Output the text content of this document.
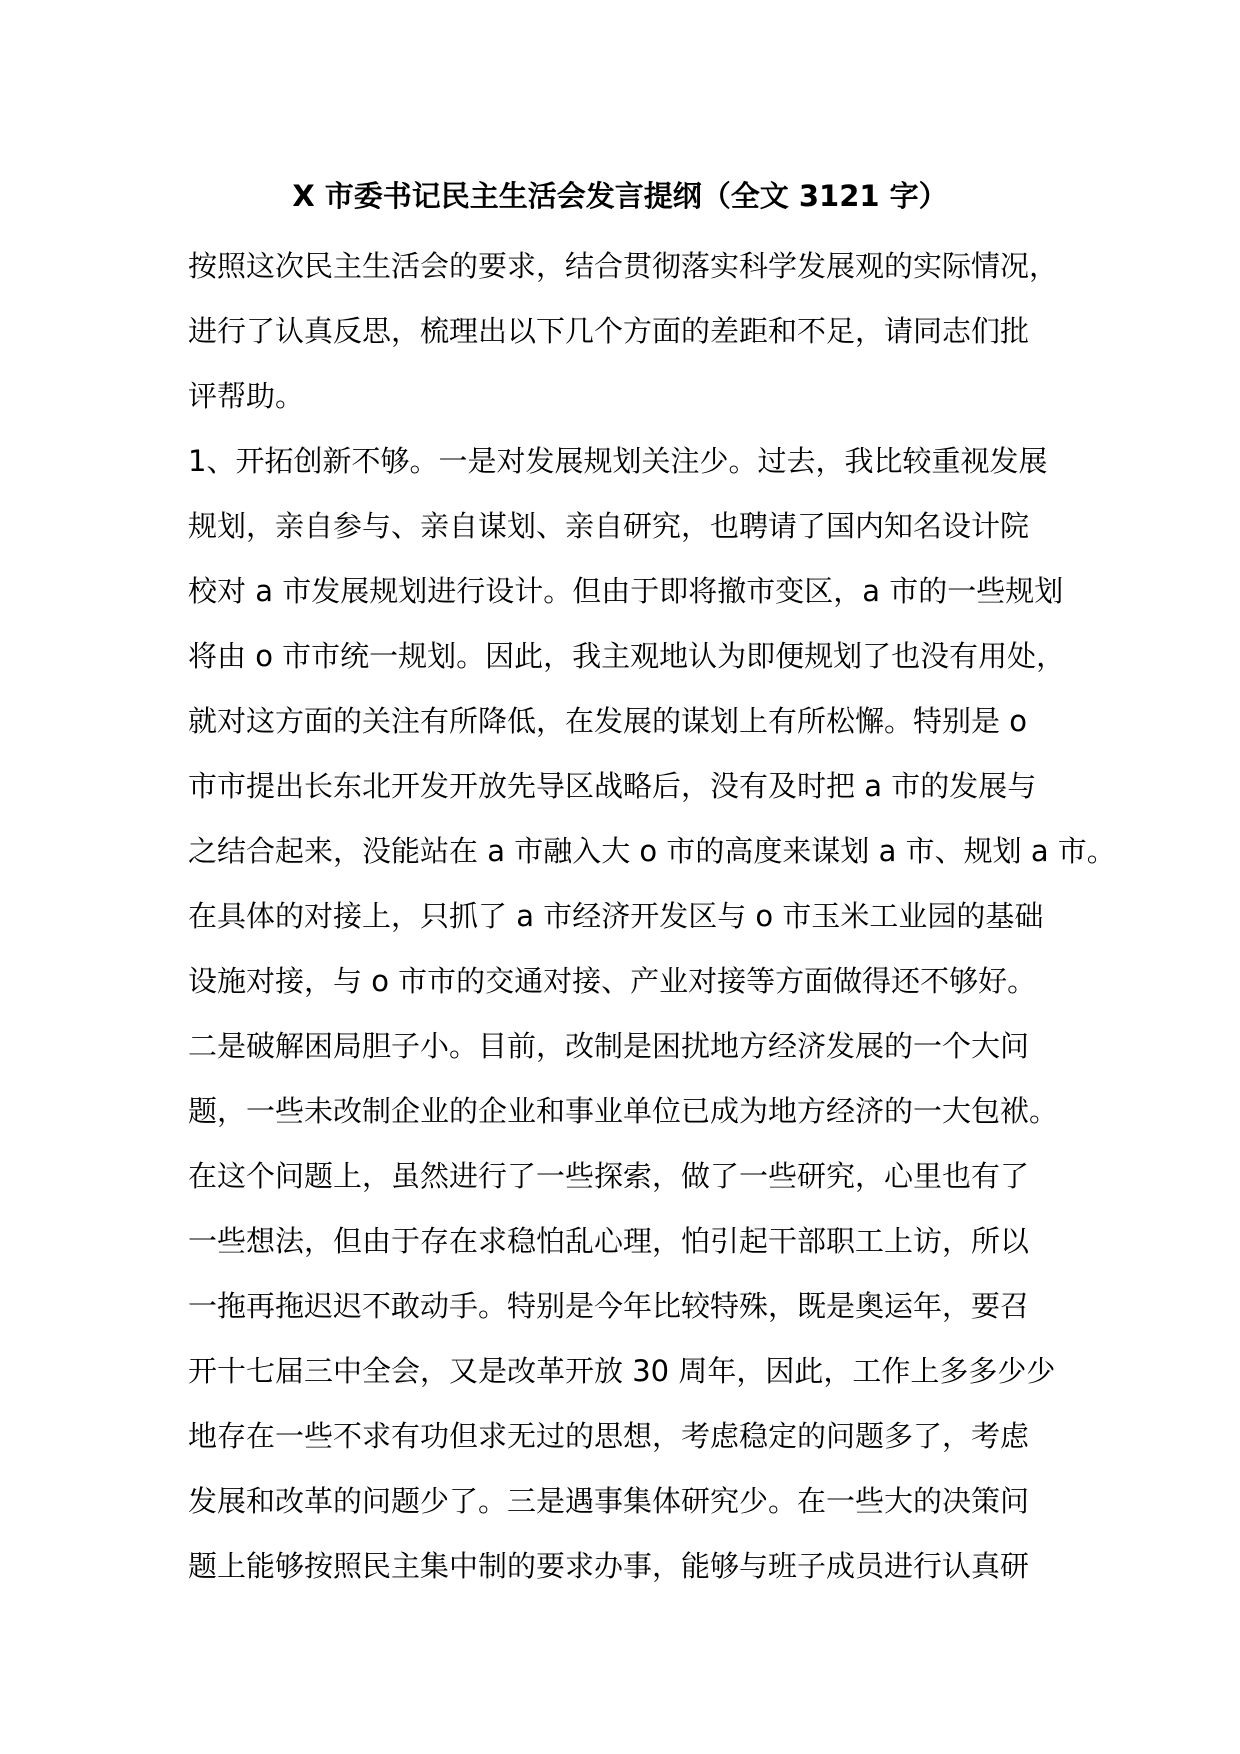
X 市委书记民主生活会发言提纲（全文 3121 字）
按照这次民主生活会的要求，结合贯彻落实科学发展观的实际情况，
进行了认真反思，梳理出以下几个方面的差距和不足，请同志们批
评帮助。
1、开拓创新不够。一是对发展规划关注少。过去，我比较重视发展
规划，亲自参与、亲自谋划、亲自研究，也聘请了国内知名设计院
校对 a 市发展规划进行设计。但由于即将撤市变区，a 市的一些规划
将由 o 市市统一规划。因此，我主观地认为即便规划了也没有用处，
就对这方面的关注有所降低，在发展的谋划上有所松懈。特别是 o
市市提出长东北开发开放先导区战略后，没有及时把 a 市的发展与
之结合起来，没能站在 a 市融入大 o 市的高度来谋划 a 市、规划 a 市。
在具体的对接上，只抓了 a 市经济开发区与 o 市玉米工业园的基础
设施对接，与 o 市市的交通对接、产业对接等方面做得还不够好。
二是破解困局胆子小。目前，改制是困扰地方经济发展的一个大问
题，一些未改制企业的企业和事业单位已成为地方经济的一大包袱。
在这个问题上，虽然进行了一些探索，做了一些研究，心里也有了
一些想法，但由于存在求稳怕乱心理，怕引起干部职工上访，所以
一拖再拖迟迟不敢动手。特别是今年比较特殊，既是奥运年，要召
开十七届三中全会，又是改革开放 30 周年，因此，工作上多多少少
地存在一些不求有功但求无过的思想，考虑稳定的问题多了，考虑
发展和改革的问题少了。三是遇事集体研究少。在一些大的决策问
题上能够按照民主集中制的要求办事，能够与班子成员进行认真研
